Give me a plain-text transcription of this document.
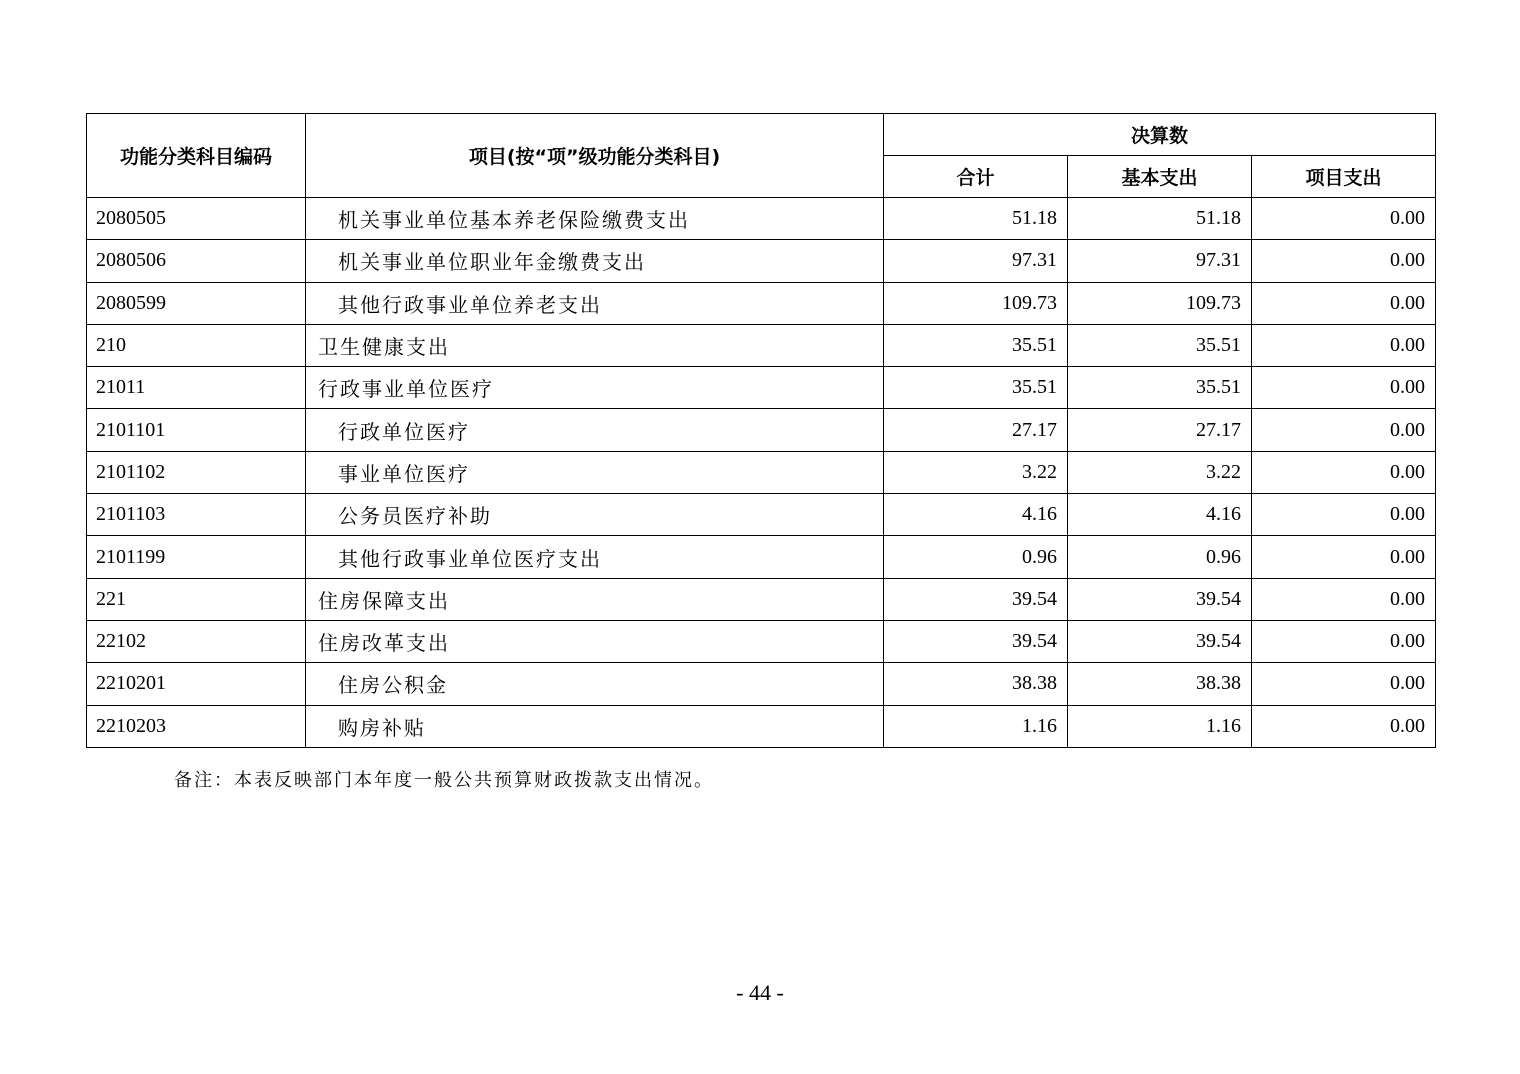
功能分类科目编码	项目(按“项”级功能分类科目)	决算数		
		合计	基本支出	项目支出
2080505	机关事业单位基本养老保险缴费支出	51.18	51.18	0.00
2080506	机关事业单位职业年金缴费支出	97.31	97.31	0.00
2080599	其他行政事业单位养老支出	109.73	109.73	0.00
210	卫生健康支出	35.51	35.51	0.00
21011	行政事业单位医疗	35.51	35.51	0.00
2101101	行政单位医疗	27.17	27.17	0.00
2101102	事业单位医疗	3.22	3.22	0.00
2101103	公务员医疗补助	4.16	4.16	0.00
2101199	其他行政事业单位医疗支出	0.96	0.96	0.00
221	住房保障支出	39.54	39.54	0.00
22102	住房改革支出	39.54	39.54	0.00
2210201	住房公积金	38.38	38.38	0.00
2210203	购房补贴	1.16	1.16	0.00
备注：本表反映部门本年度一般公共预算财政拨款支出情况。
- 44 -
